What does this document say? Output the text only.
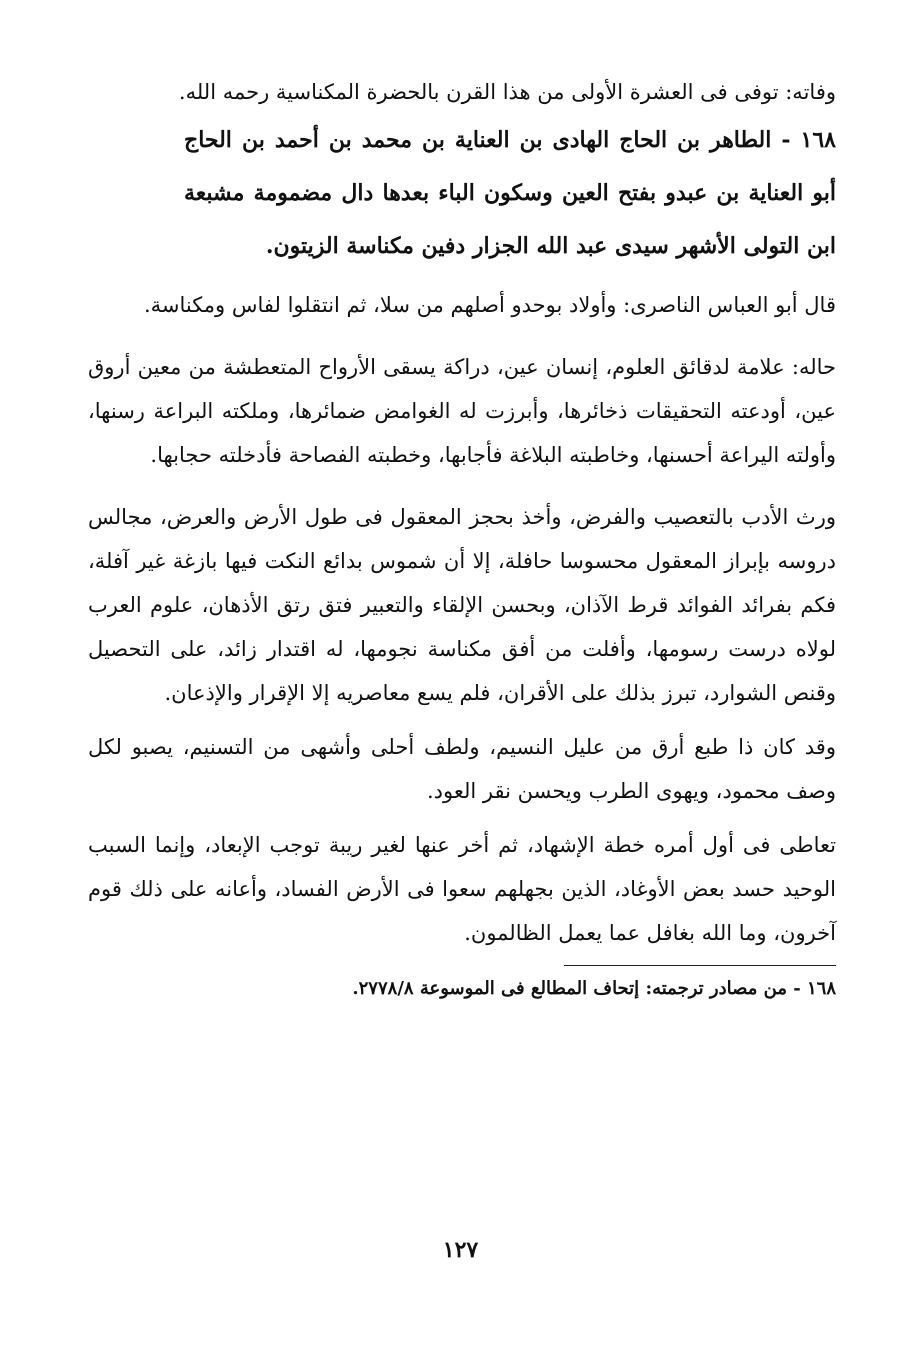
وفاته: توفى فى العشرة الأولى من هذا القرن بالحضرة المكناسية رحمه الله.

١٦٨ - الطاهر بن الحاج الهادى بن العناية بن محمد بن أحمد بن الحاج أبو العناية بن عبدو بفتح العين وسكون الباء بعدها دال مضمومة مشبعة ابن التولى الأشهر سيدى عبد الله الجزار دفين مكناسة الزيتون.

قال أبو العباس الناصرى: وأولاد بوحدو أصلهم من سلا، ثم انتقلوا لفاس ومكناسة.

حاله: علامة لدقائق العلوم، إنسان عين، دراكة يسقى الأرواح المتعطشة من معين أروق عين، أودعته التحقيقات ذخائرها، وأبرزت له الغوامض ضمائرها، وملكته البراعة رسنها، وأولته اليراعة أحسنها، وخاطبته البلاغة فأجابها، وخطبته الفصاحة فأدخلته حجابها.

ورث الأدب بالتعصيب والفرض، وأخذ بحجز المعقول فى طول الأرض والعرض، مجالس دروسه بإبراز المعقول محسوسا حافلة، إلا أن شموس بدائع النكت فيها بازغة غير آفلة، فكم بفرائد الفوائد قرط الآذان، وبحسن الإلقاء والتعبير فتق رتق الأذهان، علوم العرب لولاه درست رسومها، وأفلت من أفق مكناسة نجومها، له اقتدار زائد، على التحصيل وقنص الشوارد، تبرز بذلك على الأقران، فلم يسع معاصريه إلا الإقرار والإذعان.

وقد كان ذا طبع أرق من عليل النسيم، ولطف أحلى وأشهى من التسنيم، يصبو لكل وصف محمود، ويهوى الطرب ويحسن نقر العود.

تعاطى فى أول أمره خطة الإشهاد، ثم أخر عنها لغير ريبة توجب الإبعاد، وإنما السبب الوحيد حسد بعض الأوغاد، الذين بجهلهم سعوا فى الأرض الفساد، وأعانه على ذلك قوم آخرون، وما الله بغافل عما يعمل الظالمون.

١٦٨ - من مصادر ترجمته: إتحاف المطالع فى الموسوعة ٢٧٧٨/٨.

١٢٧
